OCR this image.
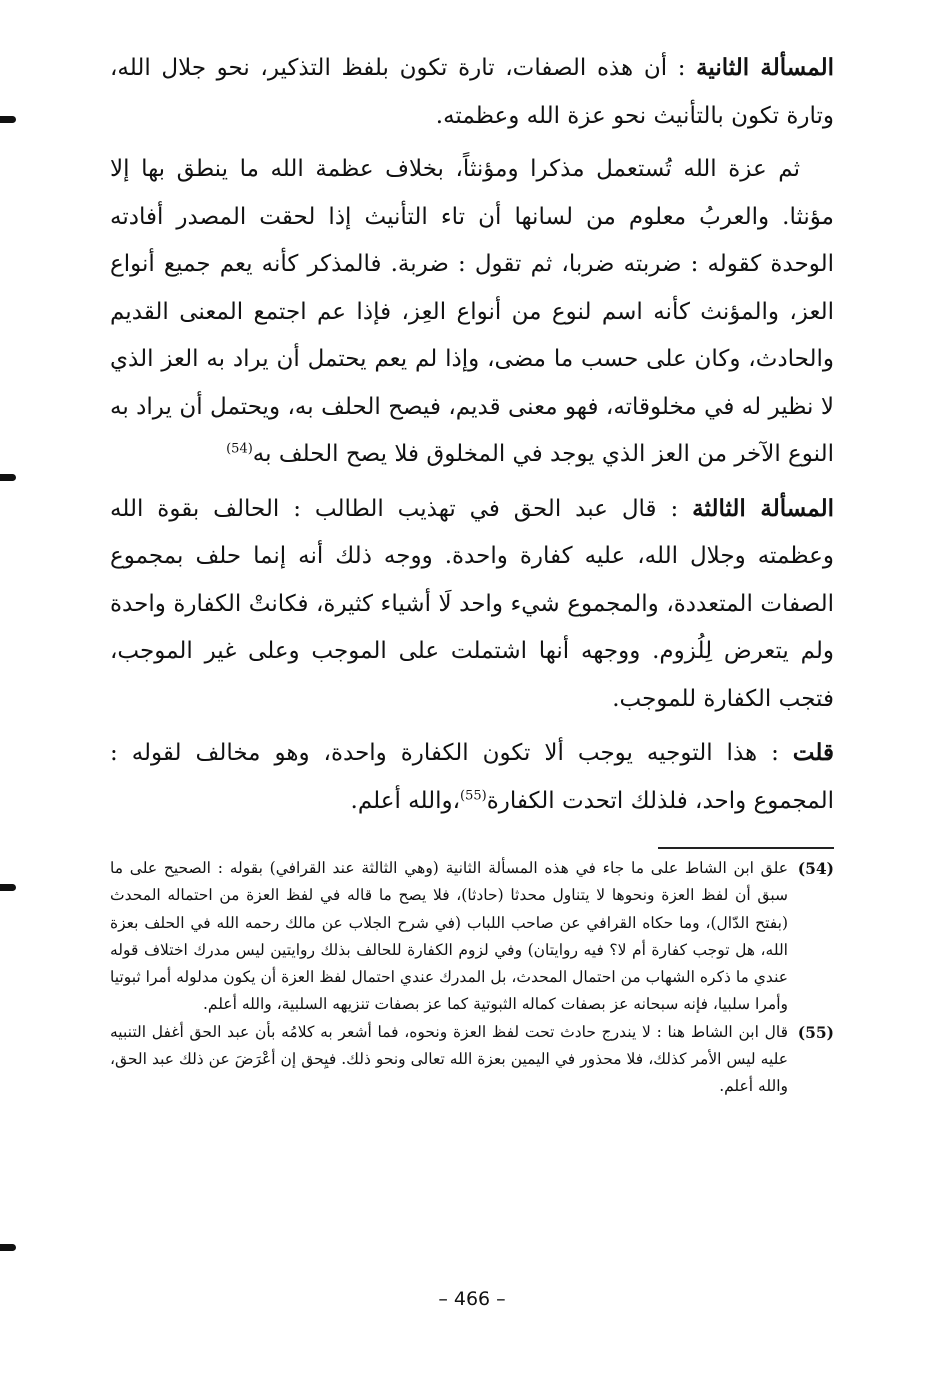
المسألة الثانية : أن هذه الصفات، تارة تكون بلفظ التذكير، نحو جلال الله، وتارة تكون بالتأنيث نحو عزة الله وعظمته.

ثم عزة الله تُستعمل مذكرا ومؤنثاً، بخلاف عظمة الله ما ينطق بها إلا مؤنثا. والعربُ معلوم من لسانها أن تاء التأنيث إذا لحقت المصدر أفادته الوحدة كقوله : ضربته ضربا، ثم تقول : ضربة. فالمذكر كأنه يعم جميع أنواع العز، والمؤنث كأنه اسم لنوع من أنواع العِز، فإذا عم اجتمع المعنى القديم والحادث، وكان على حسب ما مضى، وإذا لم يعم يحتمل أن يراد به العز الذي لا نظير له في مخلوقاته، فهو معنى قديم، فيصح الحلف به، ويحتمل أن يراد به النوع الآخر من العز الذي يوجد في المخلوق فلا يصح الحلف به$^{(54)}$

المسألة الثالثة : قال عبد الحق في تهذيب الطالب : الحالف بقوة الله وعظمته وجلال الله، عليه كفارة واحدة. ووجه ذلك أنه إنما حلف بمجموع الصفات المتعددة، والمجموع شيء واحد لَا أشياء كثيرة، فكانتْ الكفارة واحدة ولم يتعرض لِلُزوم. ووجهه أنها اشتملت على الموجب وعلى غير الموجب، فتجب الكفارة للموجب.

قلت : هذا التوجيه يوجب ألا تكون الكفارة واحدة، وهو مخالف لقوله : المجموع واحد، فلذلك اتحدت الكفارة$^{(55)}$،والله أعلم.

(54)
علق ابن الشاط على ما جاء في هذه المسألة الثانية (وهي الثالثة عند القرافي) بقوله : الصحيح على ما سبق أن لفظ العزة ونحوها لا يتناول محدثا (حادثا)، فلا يصح ما قاله في لفظ العزة من احتماله المحدث (بفتح الدّال)، وما حكاه القرافي عن صاحب اللباب (في شرح الجلاب عن مالك رحمه الله في الحلف بعزة الله، هل توجب كفارة أم لا؟ فيه روايتان) وفي لزوم الكفارة للحالف بذلك روايتين ليس مدرك اختلاف قوله عندي ما ذكره الشهاب من احتمال المحدث، بل المدرك عندي احتمال لفظ العزة أن يكون مدلوله أمرا ثبوتيا وأمرا سلبيا، فإنه سبحانه عز بصفات كماله الثبوتية كما عز بصفات تنزيهه السلبية، والله أعلم.

(55)
قال ابن الشاط هنا : لا يندرج حادث تحت لفظ العزة ونحوه، فما أشعر به كلامُه بأن عبد الحق أغفل التنبيه عليه ليس الأمر كذلك، فلا محذور في اليمين بعزة الله تعالى ونحو ذلك. فيِحق إن أعْرَضَ عن ذلك عبد الحق، والله أعلم.

– 466 –
